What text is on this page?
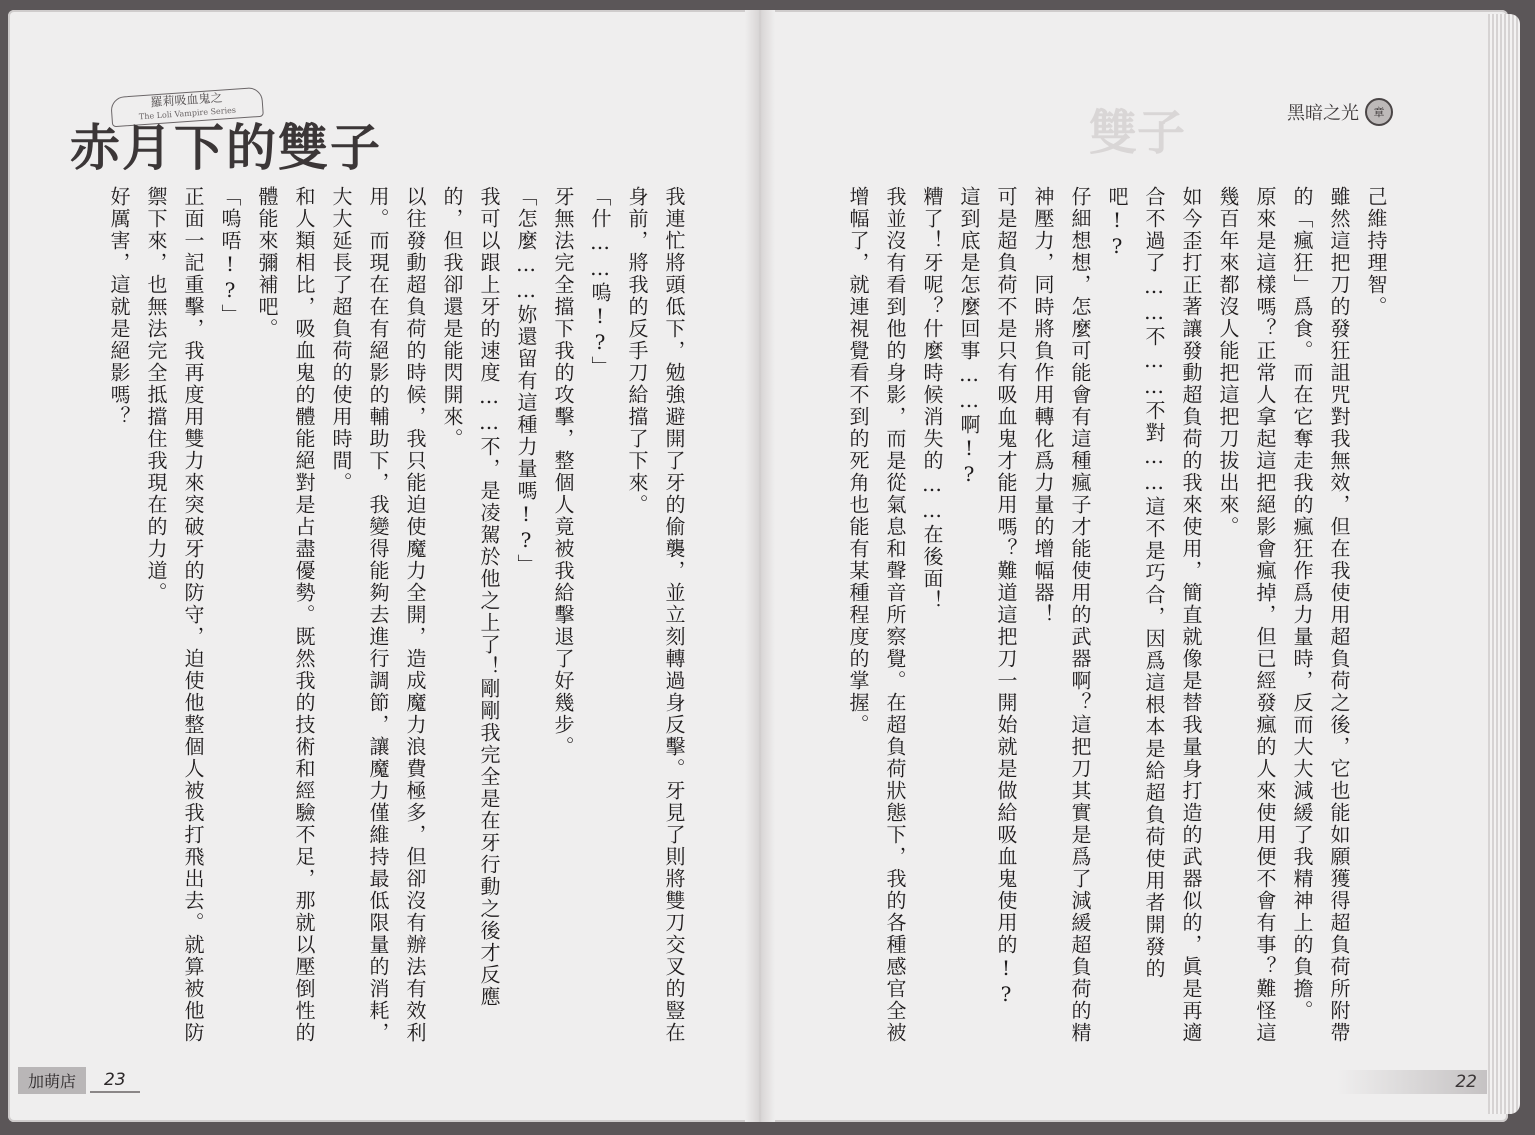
羅莉吸血鬼之
The Loli Vampire Series
赤月下的雙子

我連忙將頭低下，勉強避開了牙的偷襲，並立刻轉過身反擊。牙見了則將雙刀交叉的豎在身前，將我的反手刀給擋了下來。

「什……嗚!?」

牙無法完全擋下我的攻擊，整個人竟被我給擊退了好幾步。

「怎麼……妳還留有這種力量嗎!?」

我可以跟上牙的速度……不，是凌駕於他之上了！剛剛我完全是在牙行動之後才反應的，但我卻還是能閃開來。

以往發動超負荷的時候，我只能迫使魔力全開，造成魔力浪費極多，但卻沒有辦法有效利用。而現在在有絕影的輔助下，我變得能夠去進行調節，讓魔力僅維持最低限量的消耗，大大延長了超負荷的使用時間。

和人類相比，吸血鬼的體能絕對是占盡優勢。既然我的技術和經驗不足，那就以壓倒性的體能來彌補吧。

「嗚唔!?」

正面一記重擊，我再度用雙力來突破牙的防守，迫使他整個人被我打飛出去。就算被他防禦下來，也無法完全抵擋住我現在的力道。

好厲害，這就是絕影嗎？

加萌店	23
雙子	黑暗之光	章

己維持理智。

雖然這把刀的發狂詛咒對我無效，但在我使用超負荷之後，它也能如願獲得超負荷所附帶的「瘋狂」爲食。而在它奪走我的瘋狂作爲力量時，反而大大減緩了我精神上的負擔。

原來是這樣嗎？正常人拿起這把絕影會瘋掉，但已經發瘋的人來使用便不會有事？難怪這幾百年來都沒人能把這把刀拔出來。

如今歪打正著讓發動超負荷的我來使用，簡直就像是替我量身打造的武器似的，眞是再適合不過了……不……不對……這不是巧合，因爲這根本是給超負荷使用者開發的吧!?

仔細想想，怎麼可能會有這種瘋子才能使用的武器啊？這把刀其實是爲了減緩超負荷的精神壓力，同時將負作用轉化爲力量的增幅器！

可是超負荷不是只有吸血鬼才能用嗎？難道這把刀一開始就是做給吸血鬼使用的!?

這到底是怎麼回事……啊!?

糟了！牙呢？什麼時候消失的……在後面！

我並沒有看到他的身影，而是從氣息和聲音所察覺。在超負荷狀態下，我的各種感官全被增幅了，就連視覺看不到的死角也能有某種程度的掌握。

22
